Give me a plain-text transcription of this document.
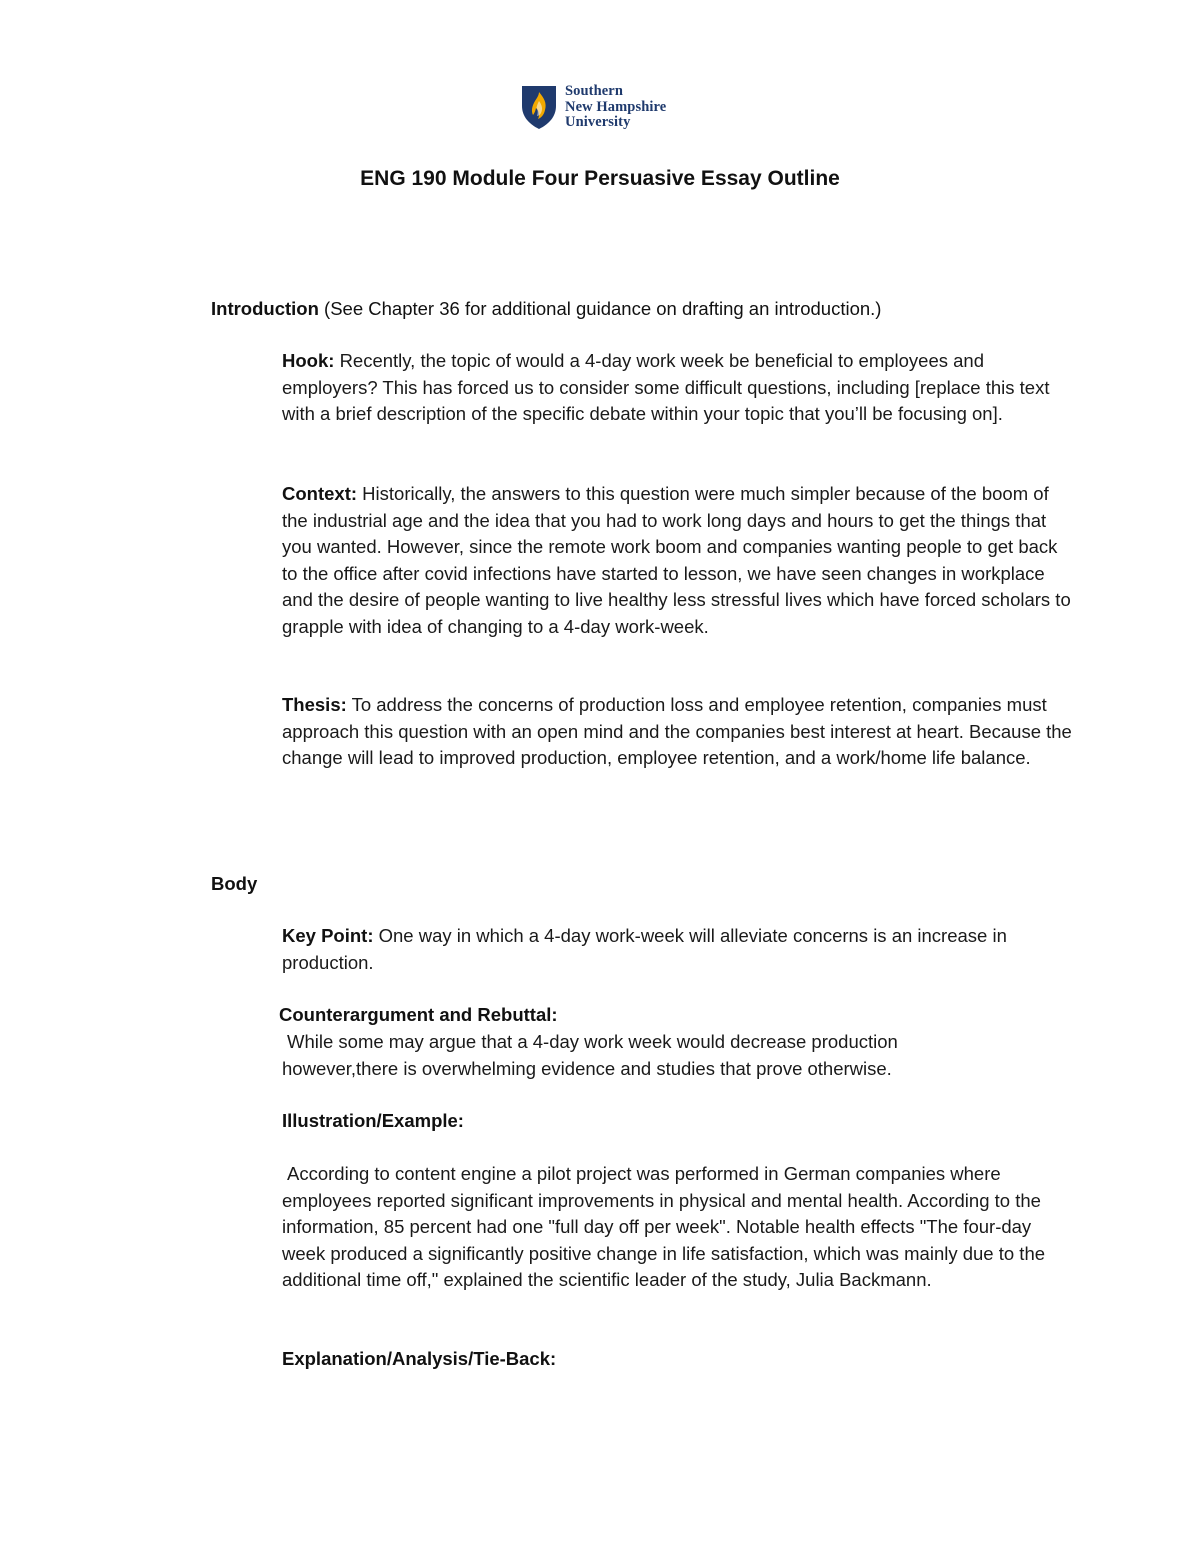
Southern
New Hampshire
University
ENG 190 Module Four Persuasive Essay Outline

Introduction (See Chapter 36 for additional guidance on drafting an introduction.)

Hook: Recently, the topic of would a 4-day work week be beneficial to employees and employers? This has forced us to consider some difficult questions, including [replace this text with a brief description of the specific debate within your topic that you’ll be focusing on].

Context: Historically, the answers to this question were much simpler because of the boom of the industrial age and the idea that you had to work long days and hours to get the things that you wanted. However, since the remote work boom and companies wanting people to get back to the office after covid infections have started to lesson, we have seen changes in workplace and the desire of people wanting to live healthy less stressful lives which have forced scholars to grapple with idea of changing to a 4-day work-week.

Thesis: To address the concerns of production loss and employee retention, companies must approach this question with an open mind and the companies best interest at heart. Because the change will lead to improved production, employee retention, and a work/home life balance.

Body

Key Point: One way in which a 4-day work-week will alleviate concerns is an increase in production.

Counterargument and Rebuttal:

While some may argue that a 4-day work week would decrease production however,there is overwhelming evidence and studies that prove otherwise.

Illustration/Example:

According to content engine a pilot project was performed in German companies where employees reported significant improvements in physical and mental health. According to the information, 85 percent had one "full day off per week". Notable health effects "The four-day week produced a significantly positive change in life satisfaction, which was mainly due to the additional time off," explained the scientific leader of the study, Julia Backmann.

Explanation/Analysis/Tie-Back:
